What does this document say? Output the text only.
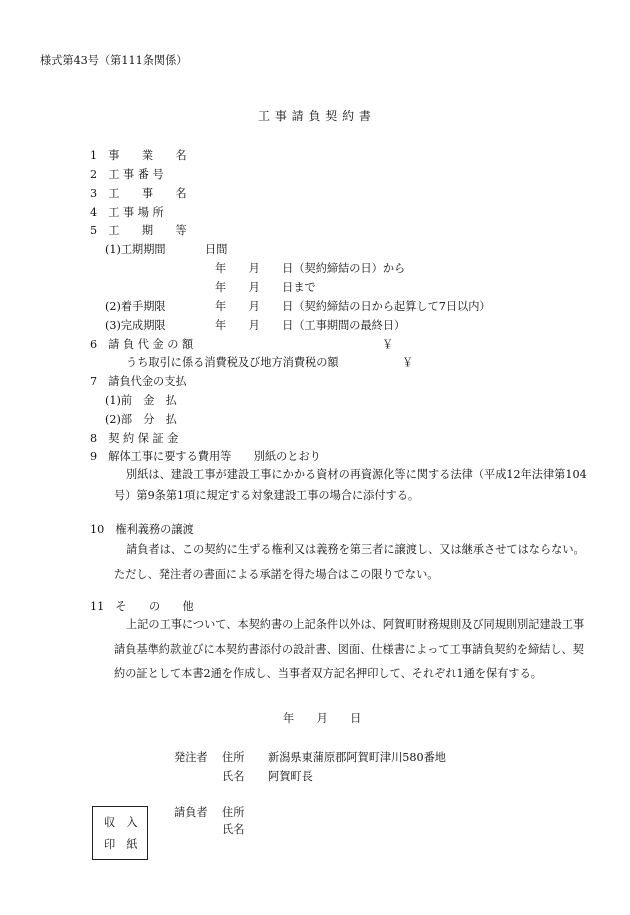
様式第43号（第111条関係）
工 事 請 負 契 約 書
1　事　　業　　名
2　工 事 番 号
3　工　　事　　名
4　工 事 場 所
5　工　　期　　等
(1)工期期間	日間
年　　月　　日（契約締結の日）から
年　　月　　日まで
(2)着手期限	年　　月　　日（契約締結の日から起算して7日以内）
(3)完成期限	年　　月　　日（工事期間の最終日）
6　請 負 代 金 の 額	￥
うち取引に係る消費税及び地方消費税の額	￥
7　請負代金の支払
(1)前　金　払
(2)部　分　払
8　契 約 保 証 金
9　解体工事に要する費用等　　別紙のとおり
別紙は、建設工事が建設工事にかかる資材の再資源化等に関する法律（平成12年法律第104号）第9条第1項に規定する対象建設工事の場合に添付する。
10　権利義務の譲渡
請負者は、この契約に生ずる権利又は義務を第三者に譲渡し、又は継承させてはならない。ただし、発注者の書面による承諾を得た場合はこの限りでない。
11　そ　　の　　他
上記の工事について、本契約書の上記条件以外は、阿賀町財務規則及び同規則別記建設工事請負基準約款並びに本契約書添付の設計書、図面、仕様書によって工事請負契約を締結し、契約の証として本書2通を作成し、当事者双方記名押印して、それぞれ1通を保有する。
年　　月　　日
発注者 住所 新潟県東蒲原郡阿賀町津川580番地
氏名 阿賀町長
収　入
印　紙
請負者 住所
氏名
